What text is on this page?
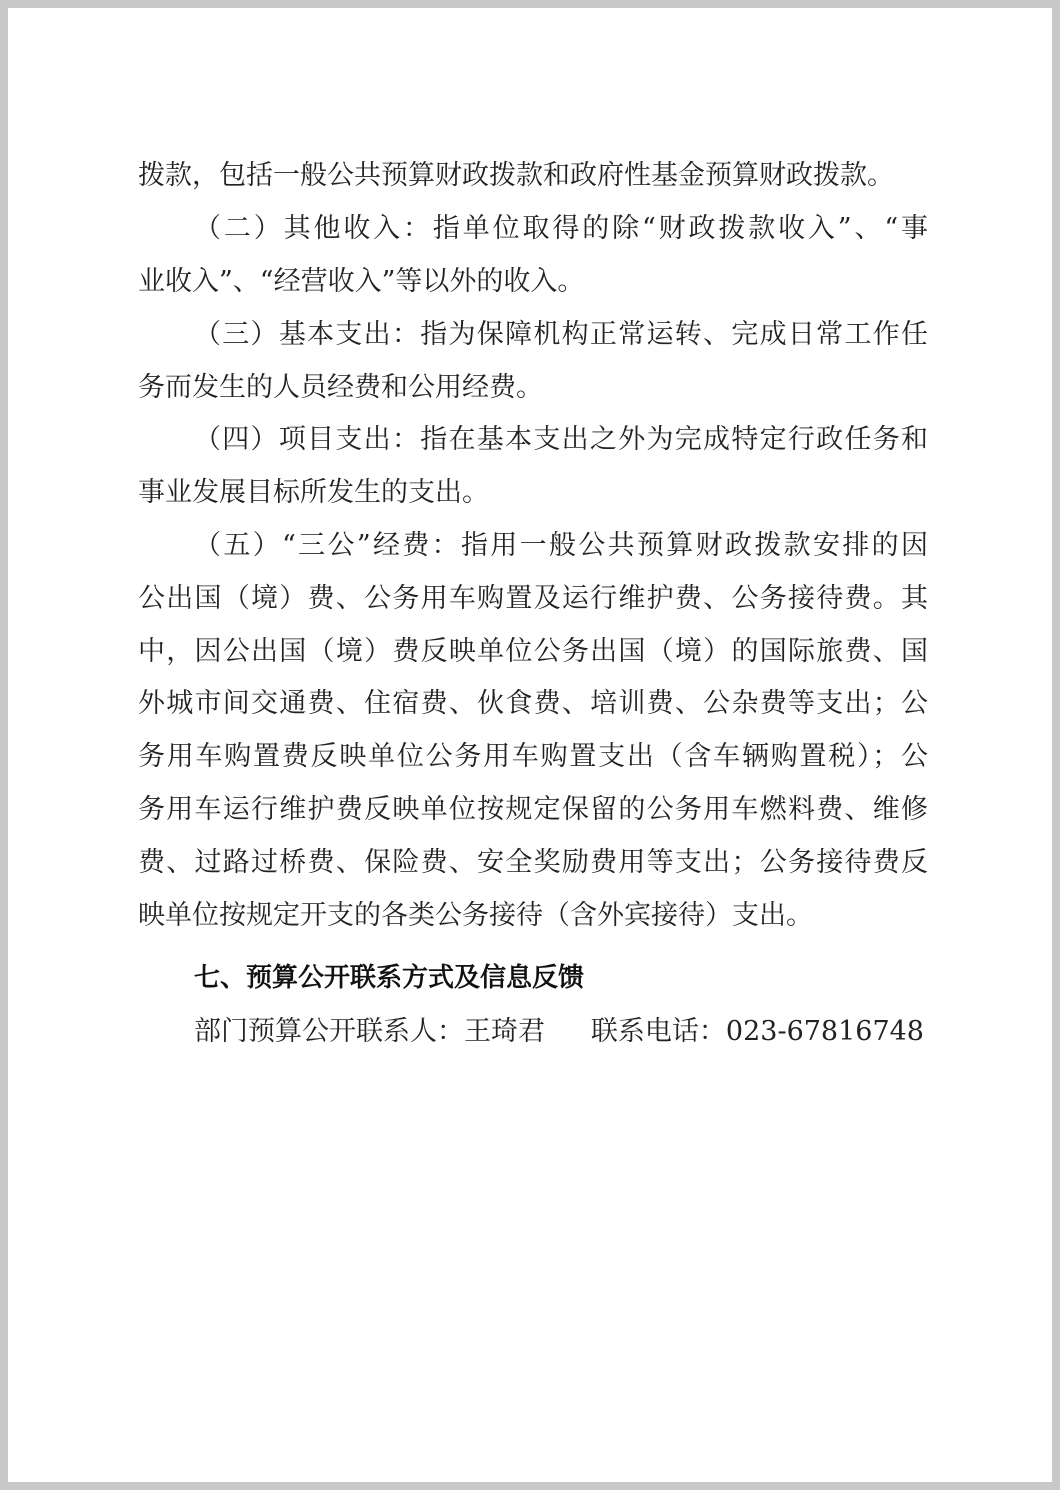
拨款，包括一般公共预算财政拨款和政府性基金预算财政拨款。
（二）其他收入：指单位取得的除“财政拨款收入”、“事
业收入”、“经营收入”等以外的收入。
（三）基本支出：指为保障机构正常运转、完成日常工作任
务而发生的人员经费和公用经费。
（四）项目支出：指在基本支出之外为完成特定行政任务和
事业发展目标所发生的支出。
（五）“三公”经费：指用一般公共预算财政拨款安排的因
公出国（境）费、公务用车购置及运行维护费、公务接待费。其
中，因公出国（境）费反映单位公务出国（境）的国际旅费、国
外城市间交通费、住宿费、伙食费、培训费、公杂费等支出；公
务用车购置费反映单位公务用车购置支出（含车辆购置税）；公
务用车运行维护费反映单位按规定保留的公务用车燃料费、维修
费、过路过桥费、保险费、安全奖励费用等支出；公务接待费反
映单位按规定开支的各类公务接待（含外宾接待）支出。
七、预算公开联系方式及信息反馈
部门预算公开联系人：王琦君 联系电话：023-67816748
